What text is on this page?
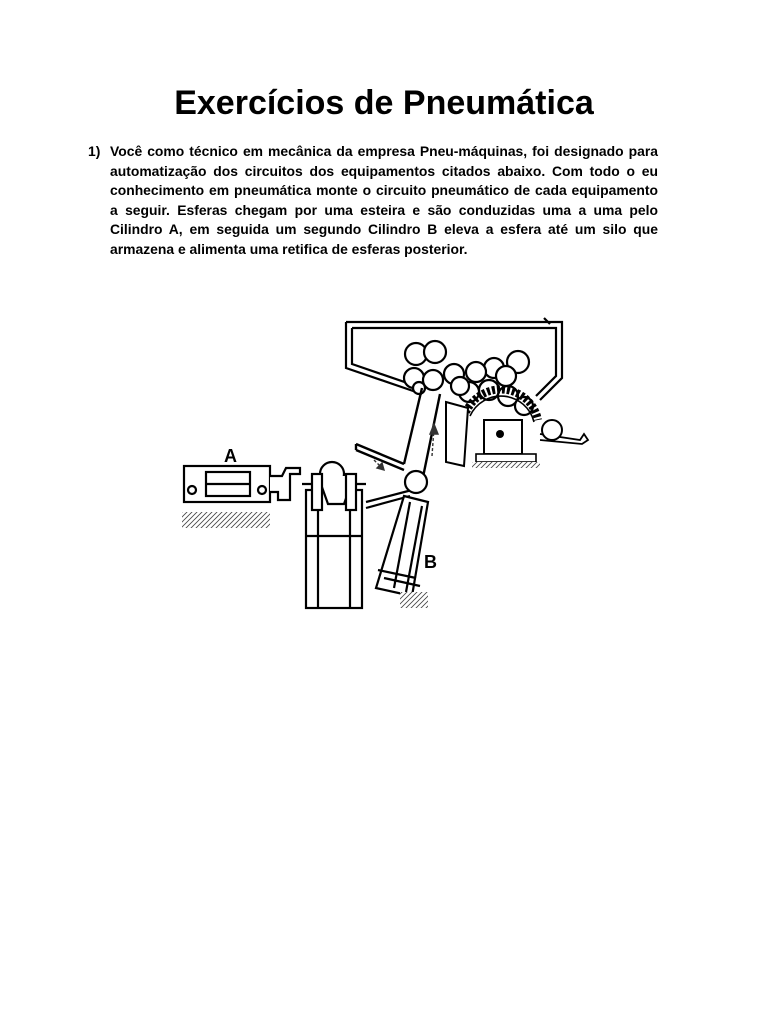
Exercícios de Pneumática
1) Você como técnico em mecânica da empresa Pneu-máquinas, foi designado para automatização dos circuitos dos equipamentos citados abaixo. Com todo o eu conhecimento em pneumática monte o circuito pneumático de cada equipamento a seguir. Esferas chegam por uma esteira e são conduzidas uma a uma pelo Cilindro A, em seguida um segundo Cilindro B eleva a esfera até um silo que armazena e alimenta uma retifica de esferas posterior.
A
B
